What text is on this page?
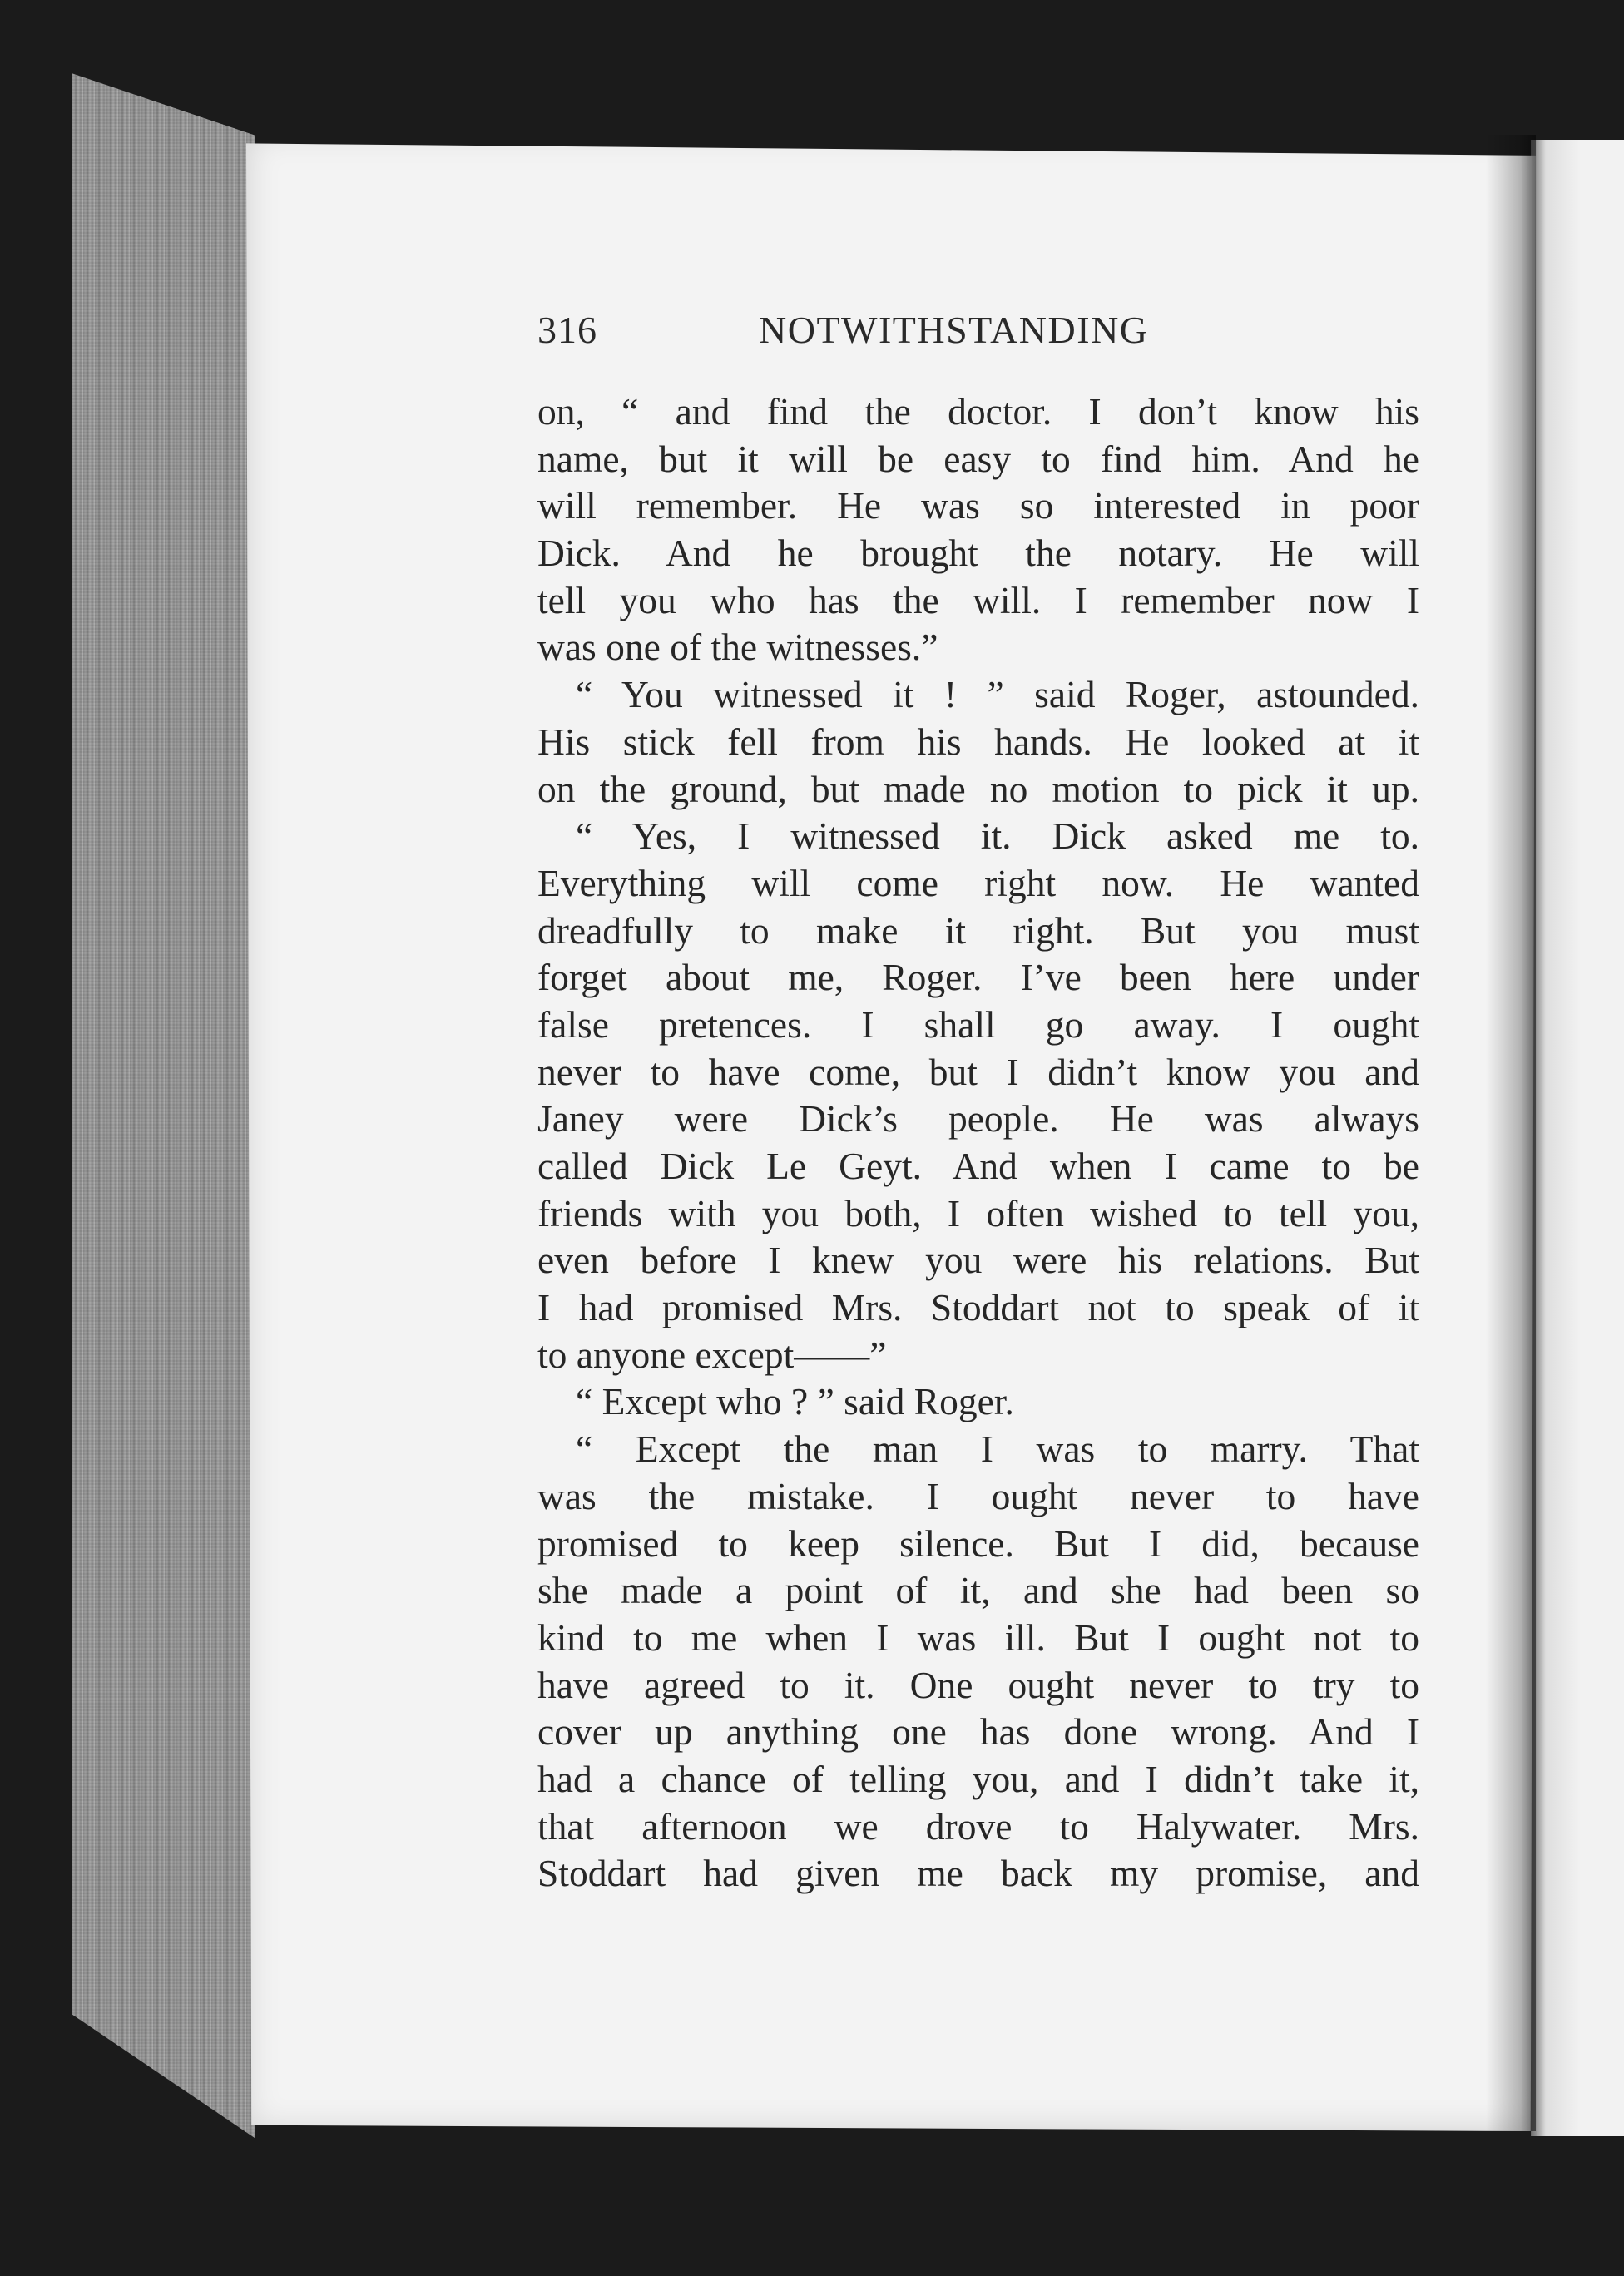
316	NOTWITHSTANDING
on, “ and find the doctor. I don’t know his
name, but it will be easy to find him. And he
will remember. He was so interested in poor
Dick. And he brought the notary. He will
tell you who has the will. I remember now I
was one of the witnesses.”
“ You witnessed it ! ” said Roger, astounded.
His stick fell from his hands. He looked at it
on the ground, but made no motion to pick it up.
“ Yes, I witnessed it. Dick asked me to.
Everything will come right now. He wanted
dreadfully to make it right. But you must
forget about me, Roger. I’ve been here under
false pretences. I shall go away. I ought
never to have come, but I didn’t know you and
Janey were Dick’s people. He was always
called Dick Le Geyt. And when I came to be
friends with you both, I often wished to tell you,
even before I knew you were his relations. But
I had promised Mrs. Stoddart not to speak of it
to anyone except——”
“ Except who ? ” said Roger.
“ Except the man I was to marry. That
was the mistake. I ought never to have
promised to keep silence. But I did, because
she made a point of it, and she had been so
kind to me when I was ill. But I ought not to
have agreed to it. One ought never to try to
cover up anything one has done wrong. And I
had a chance of telling you, and I didn’t take it,
that afternoon we drove to Halywater. Mrs.
Stoddart had given me back my promise, and
